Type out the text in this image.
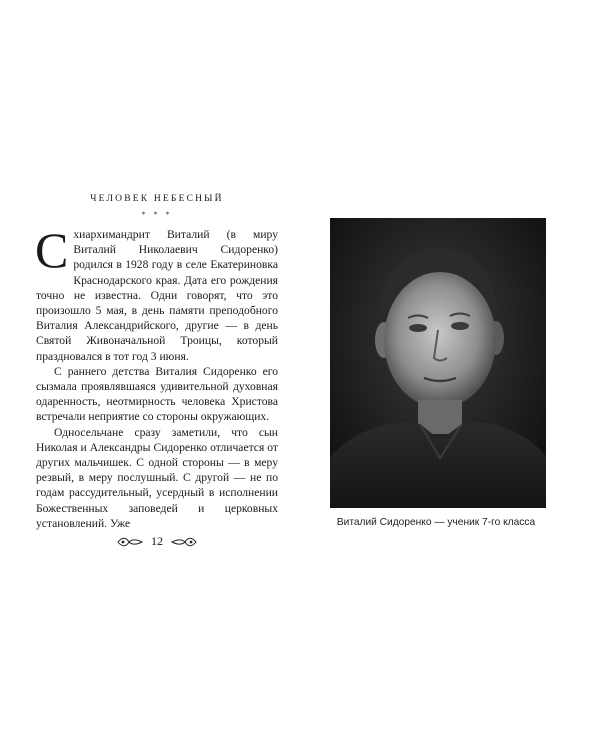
ЧЕЛОВЕК НЕБЕСНЫЙ
* * *

Схиархимандрит Виталий (в миру Виталий Николаевич Сидоренко) родился в 1928 году в селе Екатериновка Краснодарского края. Дата его рождения точно не известна. Одни говорят, что это произошло 5 мая, в день памяти преподобного Виталия Александрийского, другие — в день Святой Живоначальной Троицы, который праздновался в тот год 3 июня.

С раннего детства Виталия Сидоренко его сызмала проявлявшаяся удивительной духовная одаренность, неотмирность человека Христова встречали неприятие со стороны окружающих.

Односельчане сразу заметили, что сын Николая и Александры Сидоренко отличается от других мальчишек. С одной стороны — в меру резвый, в меру послушный. С другой — не по годам рассудительный, усердный в исполнении Божественных заповедей и церковных установлений. Уже

12
Виталий Сидоренко — ученик 7-го класса
